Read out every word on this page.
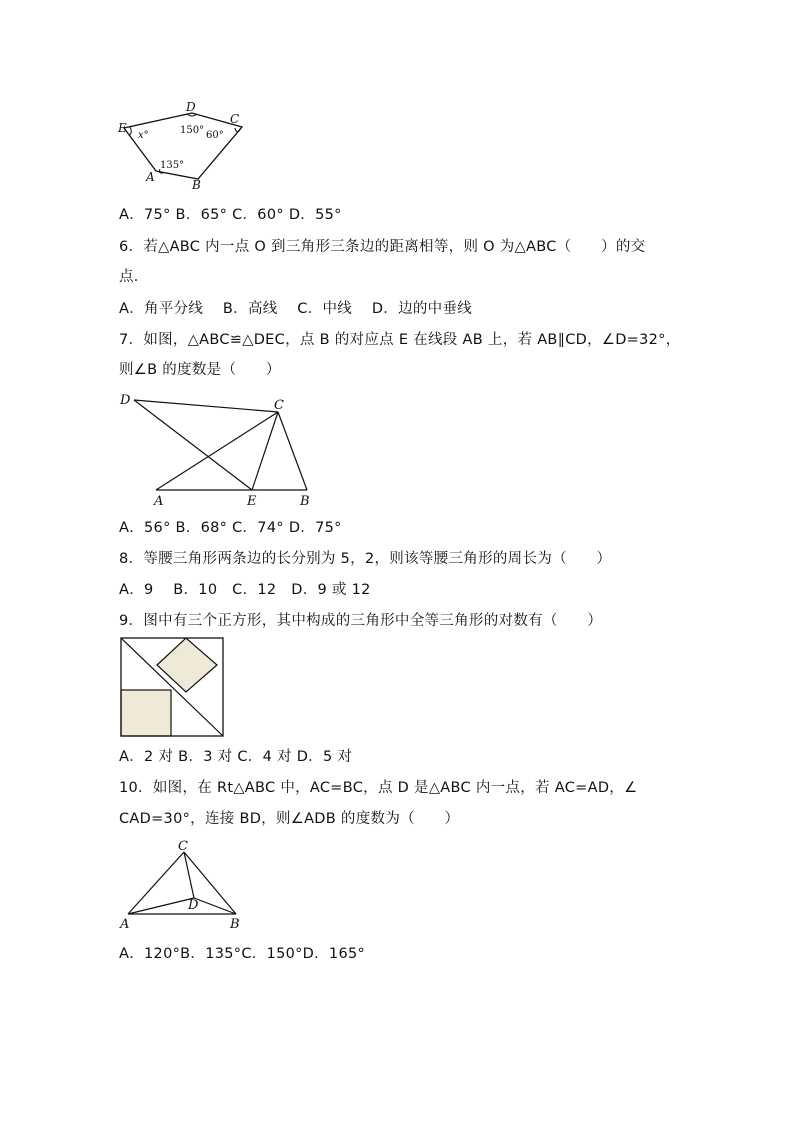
D
C
E
A
B
x°	150° 60°
135°
A．75° B．65° C．60° D．55°
6．若△ABC 内一点 O 到三角形三条边的距离相等，则 O 为△ABC（　　）的交
点．
A．角平分线　 B．高线　 C．中线　 D．边的中垂线
7．如图，△ABC≌△DEC，点 B 的对应点 E 在线段 AB 上，若 AB∥CD，∠D=32°，
则∠B 的度数是（　　）
D	C
A	E	B
A．56° B．68° C．74° D．75°
8．等腰三角形两条边的长分别为 5，2，则该等腰三角形的周长为（　　）
A．9　 B．10　C．12　D．9 或 12
9．图中有三个正方形，其中构成的三角形中全等三角形的对数有（　　）
A．2 对 B．3 对 C．4 对 D．5 对
10．如图，在 Rt△ABC 中，AC=BC，点 D 是△ABC 内一点，若 AC=AD，∠
CAD=30°，连接 BD，则∠ADB 的度数为（　　）
C
D
A	B
A．120°B．135°C．150°D．165°
